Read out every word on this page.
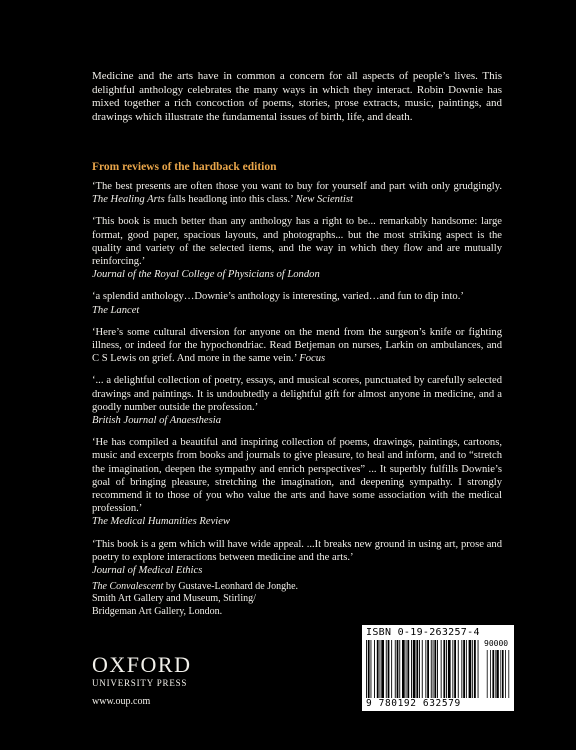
Medicine and the arts have in common a concern for all aspects of people’s lives. This delightful anthology celebrates the many ways in which they interact. Robin Downie has mixed together a rich concoction of poems, stories, prose extracts, music, paintings, and drawings which illustrate the fundamental issues of birth, life, and death.
From reviews of the hardback edition

‘The best presents are often those you want to buy for yourself and part with only grudgingly. The Healing Arts falls headlong into this class.’ New Scientist

‘This book is much better than any anthology has a right to be... remarkably handsome: large format, good paper, spacious layouts, and photographs... but the most striking aspect is the quality and variety of the selected items, and the way in which they flow and are mutually reinforcing.’

Journal of the Royal College of Physicians of London

‘a splendid anthology…Downie’s anthology is interesting, varied…and fun to dip into.’

The Lancet

‘Here’s some cultural diversion for anyone on the mend from the surgeon’s knife or fighting illness, or indeed for the hypochondriac. Read Betjeman on nurses, Larkin on ambulances, and C S Lewis on grief. And more in the same vein.’ Focus

‘... a delightful collection of poetry, essays, and musical scores, punctuated by carefully selected drawings and paintings. It is undoubtedly a delightful gift for almost anyone in medicine, and a goodly number outside the profession.’

British Journal of Anaesthesia

‘He has compiled a beautiful and inspiring collection of poems, drawings, paintings, cartoons, music and excerpts from books and journals to give pleasure, to heal and inform, and to “stretch the imagination, deepen the sympathy and enrich perspectives” ... It superbly fulfills Downie’s goal of bringing pleasure, stretching the imagination, and deepening sympathy. I strongly recommend it to those of you who value the arts and have some association with the medical profession.’

The Medical Humanities Review

‘This book is a gem which will have wide appeal. ...It breaks new ground in using art, prose and poetry to explore interactions between medicine and the arts.’

Journal of Medical Ethics

The Convalescent by Gustave-Leonhard de Jonghe.
Smith Art Gallery and Museum, Stirling/
Bridgeman Art Gallery, London.
OXFORD
UNIVERSITY PRESS
www.oup.com
ISBN 0-19-263257-4
90000
9 780192 632579
